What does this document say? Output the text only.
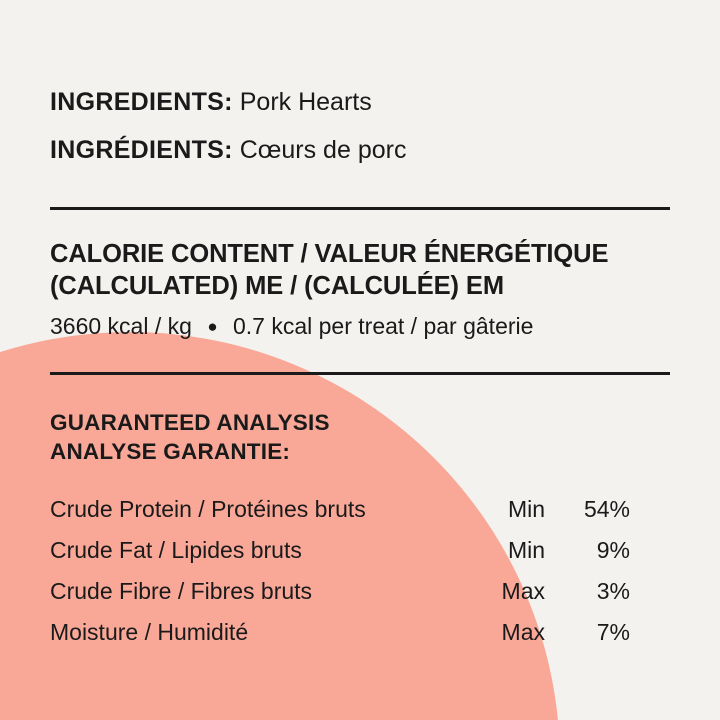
INGREDIENTS: Pork Hearts
INGRÉDIENTS: Cœurs de porc
CALORIE CONTENT / VALEUR ÉNERGÉTIQUE
(CALCULATED) ME / (CALCULÉE) EM
3660 kcal / kg ● 0.7 kcal per treat / par gâterie
GUARANTEED ANALYSIS
ANALYSE GARANTIE:
Crude Protein / Protéines bruts	Min	54%
Crude Fat / Lipides bruts	Min	9%
Crude Fibre / Fibres bruts	Max	3%
Moisture / Humidité	Max	7%
